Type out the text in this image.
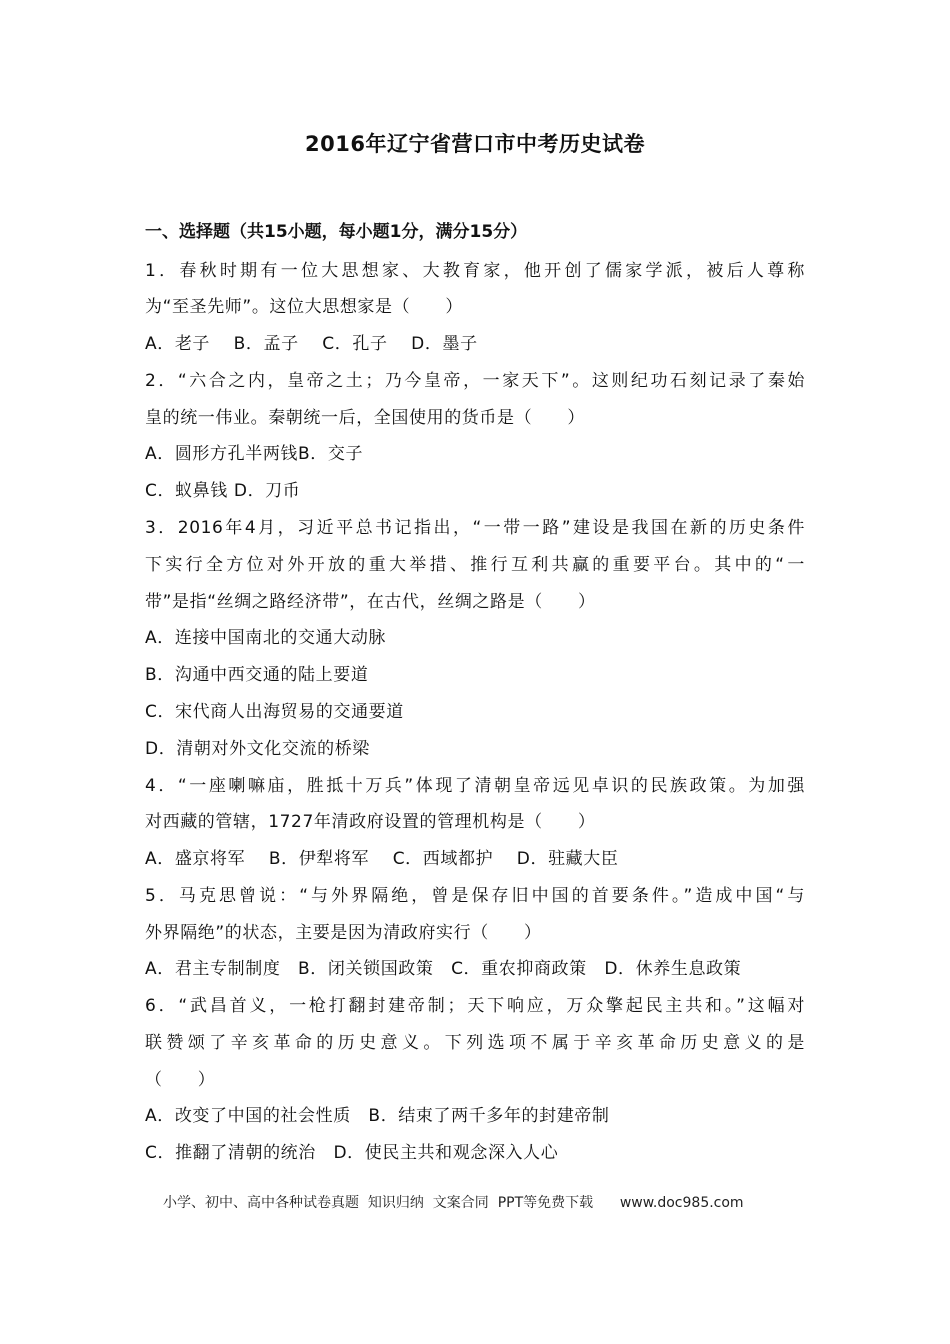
2016年辽宁省营口市中考历史试卷
一、选择题（共15小题，每小题1分，满分15分）
1．春秋时期有一位大思想家、大教育家，他开创了儒家学派，被后人尊称
为“至圣先师”。这位大思想家是（　　）
A．老子　 B．孟子　 C．孔子　 D．墨子
2．“六合之内，皇帝之土；乃今皇帝，一家天下”。这则纪功石刻记录了秦始
皇的统一伟业。秦朝统一后，全国使用的货币是（　　）
A．圆形方孔半两钱B．交子
C．蚁鼻钱 D．刀币
3．2016年4月，习近平总书记指出，“一带一路”建设是我国在新的历史条件
下实行全方位对外开放的重大举措、推行互利共赢的重要平台。其中的“一
带”是指“丝绸之路经济带”，在古代，丝绸之路是（　　）
A．连接中国南北的交通大动脉
B．沟通中西交通的陆上要道
C．宋代商人出海贸易的交通要道
D．清朝对外文化交流的桥梁
4．“一座喇嘛庙，胜抵十万兵”体现了清朝皇帝远见卓识的民族政策。为加强
对西藏的管辖，1727年清政府设置的管理机构是（　　）
A．盛京将军　 B．伊犁将军　 C．西域都护　 D．驻藏大臣
5．马克思曾说：“与外界隔绝，曾是保存旧中国的首要条件。”造成中国“与
外界隔绝”的状态，主要是因为清政府实行（　　）
A．君主专制制度　B．闭关锁国政策　C．重农抑商政策　D．休养生息政策
6．“武昌首义，一枪打翻封建帝制；天下响应，万众擎起民主共和。”这幅对
联赞颂了辛亥革命的历史意义。下列选项不属于辛亥革命历史意义的是
（　　）
A．改变了中国的社会性质　B．结束了两千多年的封建帝制
C．推翻了清朝的统治　D．使民主共和观念深入人心
小学、初中、高中各种试卷真题  知识归纳  文案合同  PPT等免费下载      www.doc985.com
